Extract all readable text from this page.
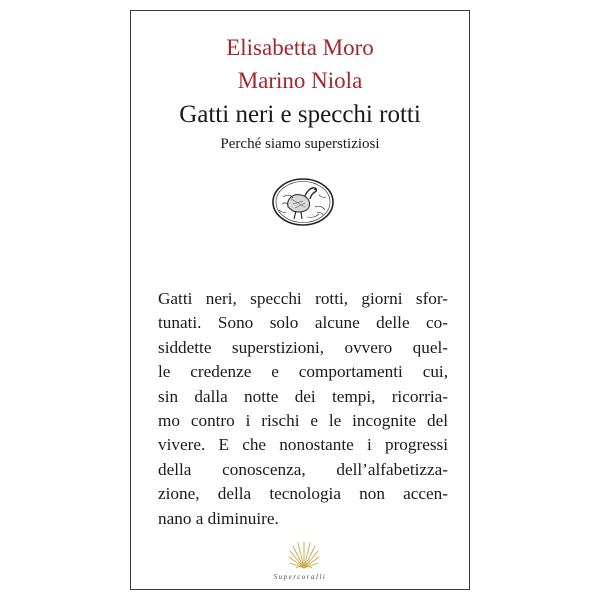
Elisabetta Moro
Marino Niola
Gatti neri e specchi rotti
Perché siamo superstiziosi
Gatti neri, specchi rotti, giorni sfor-
tunati. Sono solo alcune delle co-
siddette superstizioni, ovvero quel-
le credenze e comportamenti cui,
sin dalla notte dei tempi, ricorria-
mo contro i rischi e le incognite del
vivere. E che nonostante i progressi
della conoscenza, dell’alfabetizza-
zione, della tecnologia non accen-
nano a diminuire.
Supercoralli
